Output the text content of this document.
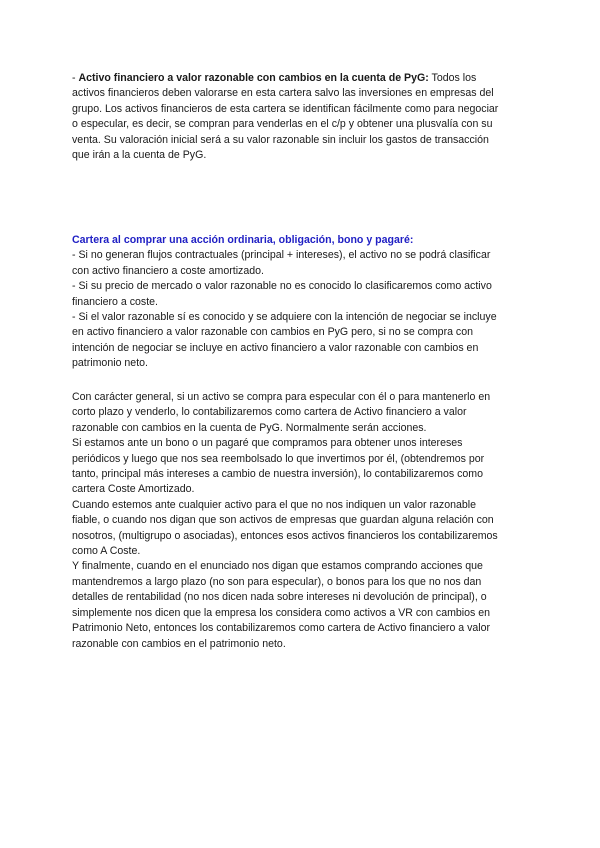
- Activo financiero a valor razonable con cambios en la cuenta de PyG: Todos los
activos financieros deben valorarse en esta cartera salvo las inversiones en empresas del
grupo. Los activos financieros de esta cartera se identifican fácilmente como para negociar
o especular, es decir, se compran para venderlas en el c/p y obtener una plusvalía con su
venta. Su valoración inicial será a su valor razonable sin incluir los gastos de transacción
que irán a la cuenta de PyG.
Cartera al comprar una acción ordinaria, obligación, bono y pagaré:
- Si no generan flujos contractuales (principal + intereses), el activo no se podrá clasificar
con activo financiero a coste amortizado.
- Si su precio de mercado o valor razonable no es conocido lo clasificaremos como activo
financiero a coste.
- Si el valor razonable sí es conocido y se adquiere con la intención de negociar se incluye
en activo financiero a valor razonable con cambios en PyG pero, si no se compra con
intención de negociar se incluye en activo financiero a valor razonable con cambios en
patrimonio neto.
Con carácter general, si un activo se compra para especular con él o para mantenerlo en
corto plazo y venderlo, lo contabilizaremos como cartera de Activo financiero a valor
razonable con cambios en la cuenta de PyG. Normalmente serán acciones.
Si estamos ante un bono o un pagaré que compramos para obtener unos intereses
periódicos y luego que nos sea reembolsado lo que invertimos por él, (obtendremos por
tanto, principal más intereses a cambio de nuestra inversión), lo contabilizaremos como
cartera Coste Amortizado.
Cuando estemos ante cualquier activo para el que no nos indiquen un valor razonable
fiable, o cuando nos digan que son activos de empresas que guardan alguna relación con
nosotros, (multigrupo o asociadas), entonces esos activos financieros los contabilizaremos
como A Coste.
Y finalmente, cuando en el enunciado nos digan que estamos comprando acciones que
mantendremos a largo plazo (no son para especular), o bonos para los que no nos dan
detalles de rentabilidad (no nos dicen nada sobre intereses ni devolución de principal), o
simplemente nos dicen que la empresa los considera como activos a VR con cambios en
Patrimonio Neto, entonces los contabilizaremos como cartera de Activo financiero a valor
razonable con cambios en el patrimonio neto.
